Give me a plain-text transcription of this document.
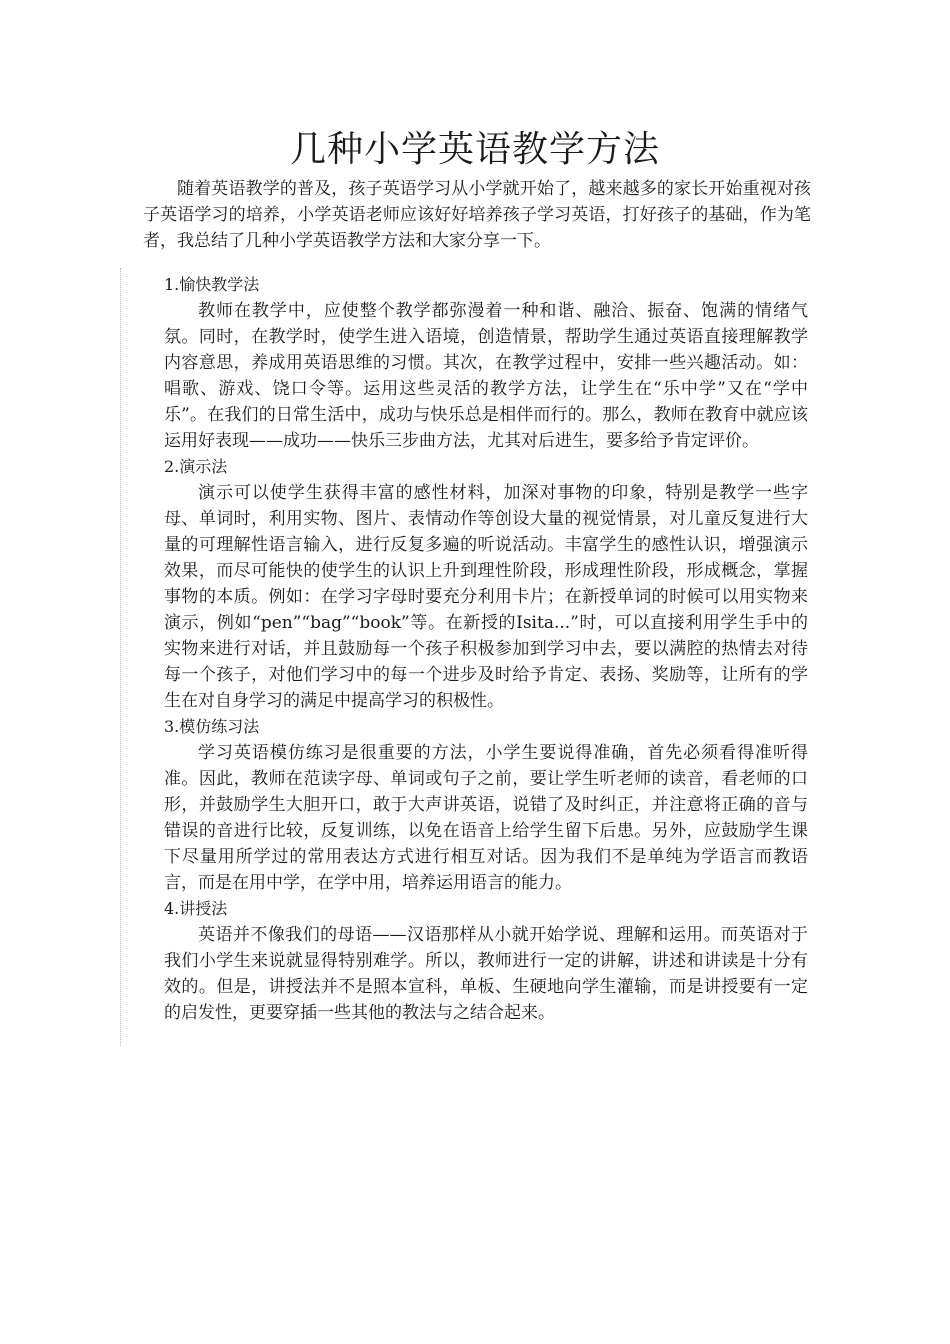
几种小学英语教学方法

随着英语教学的普及，孩子英语学习从小学就开始了，越来越多的家长开始重视对孩子英语学习的培养，小学英语老师应该好好培养孩子学习英语，打好孩子的基础，作为笔者，我总结了几种小学英语教学方法和大家分享一下。

1.愉快教学法

教师在教学中，应使整个教学都弥漫着一种和谐、融洽、振奋、饱满的情绪气氛。同时，在教学时，使学生进入语境，创造情景，帮助学生通过英语直接理解教学内容意思，养成用英语思维的习惯。其次，在教学过程中，安排一些兴趣活动。如：唱歌、游戏、饶口令等。运用这些灵活的教学方法，让学生在“乐中学”又在“学中乐”。在我们的日常生活中，成功与快乐总是相伴而行的。那么，教师在教育中就应该运用好表现——成功——快乐三步曲方法，尤其对后进生，要多给予肯定评价。

2.演示法

演示可以使学生获得丰富的感性材料，加深对事物的印象，特别是教学一些字母、单词时，利用实物、图片、表情动作等创设大量的视觉情景，对儿童反复进行大量的可理解性语言输入，进行反复多遍的听说活动。丰富学生的感性认识，增强演示效果，而尽可能快的使学生的认识上升到理性阶段，形成理性阶段，形成概念，掌握事物的本质。例如：在学习字母时要充分利用卡片；在新授单词的时候可以用实物来演示，例如“pen”“bag”“book”等。在新授的Isita...”时，可以直接利用学生手中的实物来进行对话，并且鼓励每一个孩子积极参加到学习中去，要以满腔的热情去对待每一个孩子，对他们学习中的每一个进步及时给予肯定、表扬、奖励等，让所有的学生在对自身学习的满足中提高学习的积极性。

3.模仿练习法

学习英语模仿练习是很重要的方法，小学生要说得准确，首先必须看得准听得准。因此，教师在范读字母、单词或句子之前，要让学生听老师的读音，看老师的口形，并鼓励学生大胆开口，敢于大声讲英语，说错了及时纠正，并注意将正确的音与错误的音进行比较，反复训练，以免在语音上给学生留下后患。另外，应鼓励学生课下尽量用所学过的常用表达方式进行相互对话。因为我们不是单纯为学语言而教语言，而是在用中学，在学中用，培养运用语言的能力。

4.讲授法

英语并不像我们的母语——汉语那样从小就开始学说、理解和运用。而英语对于我们小学生来说就显得特别难学。所以，教师进行一定的讲解，讲述和讲读是十分有效的。但是，讲授法并不是照本宣科，单板、生硬地向学生灌输，而是讲授要有一定的启发性，更要穿插一些其他的教法与之结合起来。
